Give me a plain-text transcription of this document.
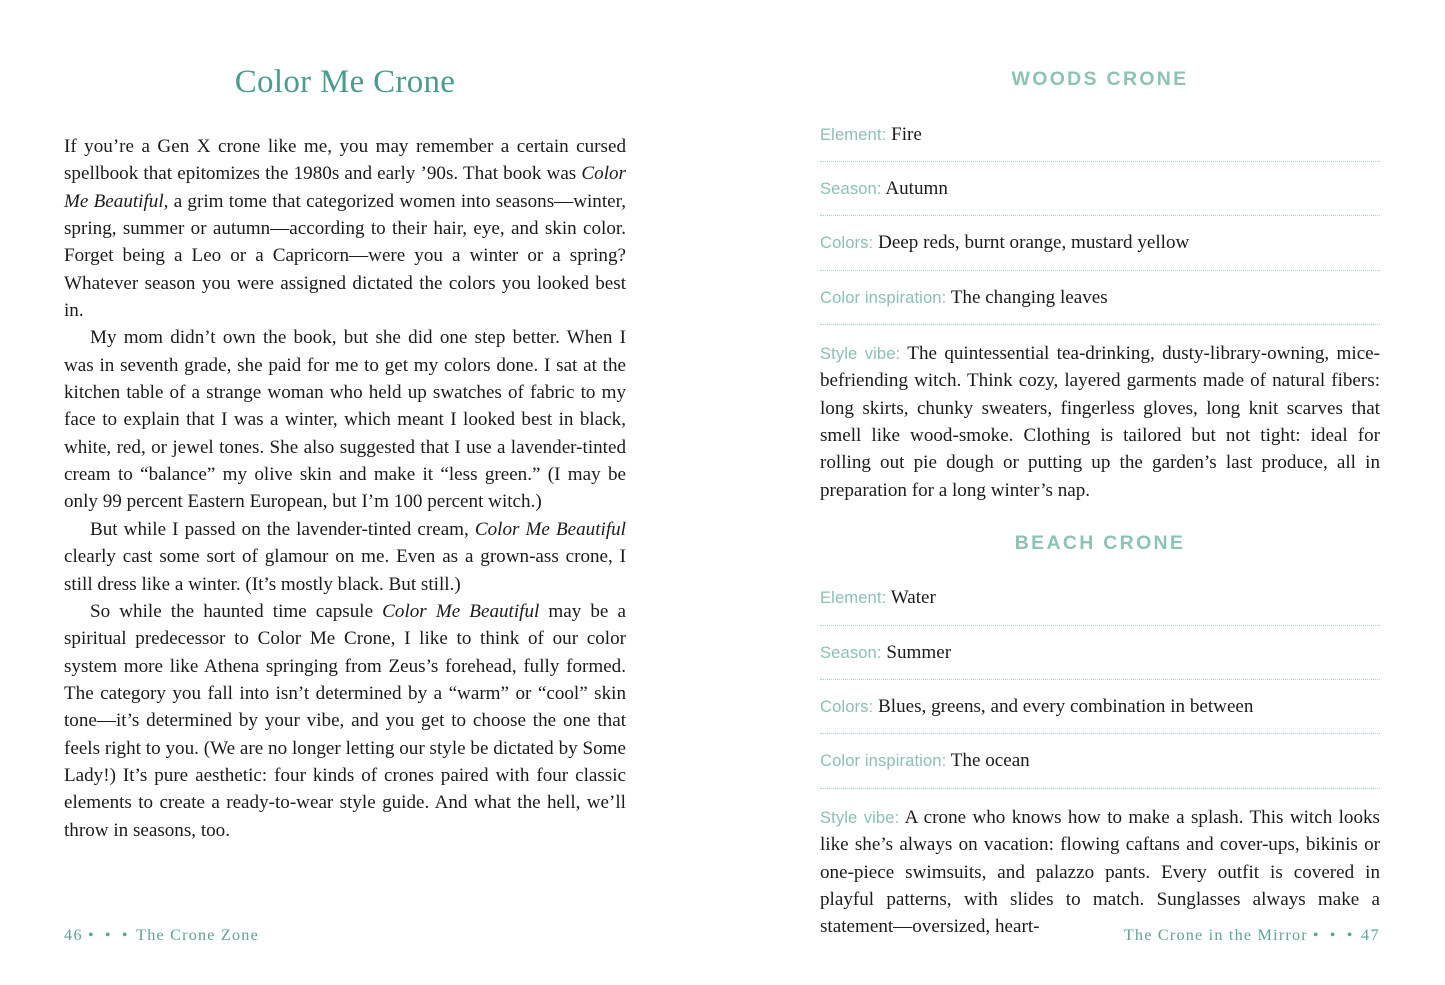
Color Me Crone

If you’re a Gen X crone like me, you may remember a certain cursed spellbook that epitomizes the 1980s and early ’90s. That book was Color Me Beautiful, a grim tome that categorized women into seasons—winter, spring, summer or autumn—according to their hair, eye, and skin color. Forget being a Leo or a Capricorn—were you a winter or a spring? Whatever season you were assigned dictated the colors you looked best in.

My mom didn’t own the book, but she did one step better. When I was in seventh grade, she paid for me to get my colors done. I sat at the kitchen table of a strange woman who held up swatches of fabric to my face to explain that I was a winter, which meant I looked best in black, white, red, or jewel tones. She also suggested that I use a lavender-tinted cream to “balance” my olive skin and make it “less green.” (I may be only 99 percent Eastern European, but I’m 100 percent witch.)

But while I passed on the lavender-tinted cream, Color Me Beautiful clearly cast some sort of glamour on me. Even as a grown-ass crone, I still dress like a winter. (It’s mostly black. But still.)

So while the haunted time capsule Color Me Beautiful may be a spiritual predecessor to Color Me Crone, I like to think of our color system more like Athena springing from Zeus’s forehead, fully formed. The category you fall into isn’t determined by a “warm” or “cool” skin tone—it’s determined by your vibe, and you get to choose the one that feels right to you. (We are no longer letting our style be dictated by Some Lady!) It’s pure aesthetic: four kinds of crones paired with four classic elements to create a ready-to-wear style guide. And what the hell, we’ll throw in seasons, too.

46 • • • The Crone Zone
WOODS CRONE

Element: Fire

Season: Autumn

Colors: Deep reds, burnt orange, mustard yellow

Color inspiration: The changing leaves

Style vibe: The quintessential tea-drinking, dusty-library-owning, mice-befriending witch. Think cozy, layered garments made of natural fibers: long skirts, chunky sweaters, fingerless gloves, long knit scarves that smell like wood-smoke. Clothing is tailored but not tight: ideal for rolling out pie dough or putting up the garden’s last produce, all in preparation for a long winter’s nap.

BEACH CRONE

Element: Water

Season: Summer

Colors: Blues, greens, and every combination in between

Color inspiration: The ocean

Style vibe: A crone who knows how to make a splash. This witch looks like she’s always on vacation: flowing caftans and cover-ups, bikinis or one-piece swimsuits, and palazzo pants. Every outfit is covered in playful patterns, with slides to match. Sunglasses always make a statement—oversized, heart-	The Crone in the Mirror • • • 47
